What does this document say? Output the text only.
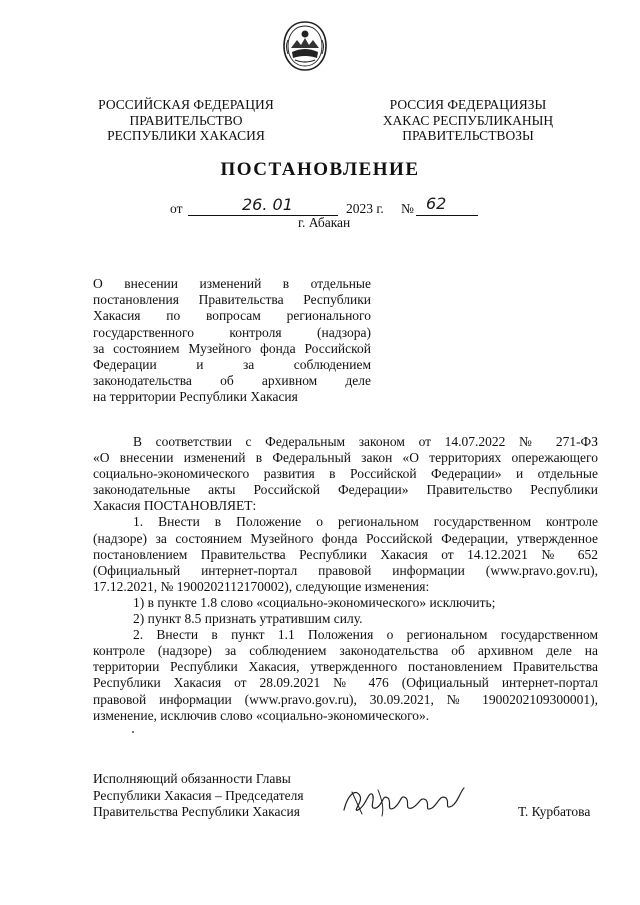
РОССИЙСКАЯ ФЕДЕРАЦИЯ
ПРАВИТЕЛЬСТВО
РЕСПУБЛИКИ ХАКАСИЯ
РОССИЯ ФЕДЕРАЦИЯЗЫ
ХАКАС РЕСПУБЛИКАНЫҢ
ПРАВИТЕЛЬСТВОЗЫ
ПОСТАНОВЛЕНИЕ
от	26. 01	2023 г. № 62
г. Абакан
О внесении изменений в отдельные
постановления Правительства Республики
Хакасия по вопросам регионального
государственного контроля (надзора)
за состоянием Музейного фонда Российской
Федерации и за соблюдением
законодательства об архивном деле
на территории Республики Хакасия
В соответствии с Федеральным законом от 14.07.2022 № 271-ФЗ
«О внесении изменений в Федеральный закон «О территориях опережающего
социально-экономического развития в Российской Федерации» и отдельные
законодательные акты Российской Федерации» Правительство Республики
Хакасия ПОСТАНОВЛЯЕТ:
1. Внести в Положение о региональном государственном контроле
(надзоре) за состоянием Музейного фонда Российской Федерации, утвержденное
постановлением Правительства Республики Хакасия от 14.12.2021 № 652
(Официальный интернет-портал правовой информации (www.pravo.gov.ru),
17.12.2021, № 1900202112170002), следующие изменения:
1) в пункте 1.8 слово «социально-экономического» исключить;
2) пункт 8.5 признать утратившим силу.
2. Внести в пункт 1.1 Положения о региональном государственном
контроле (надзоре) за соблюдением законодательства об архивном деле на
территории Республики Хакасия, утвержденного постановлением Правительства
Республики Хакасия от 28.09.2021 № 476 (Официальный интернет-портал
правовой информации (www.pravo.gov.ru), 30.09.2021, № 1900202109300001),
изменение, исключив слово «социально-экономического».
Исполняющий обязанности Главы
Республики Хакасия – Председателя
Правительства Республики Хакасия	Т. Курбатова
